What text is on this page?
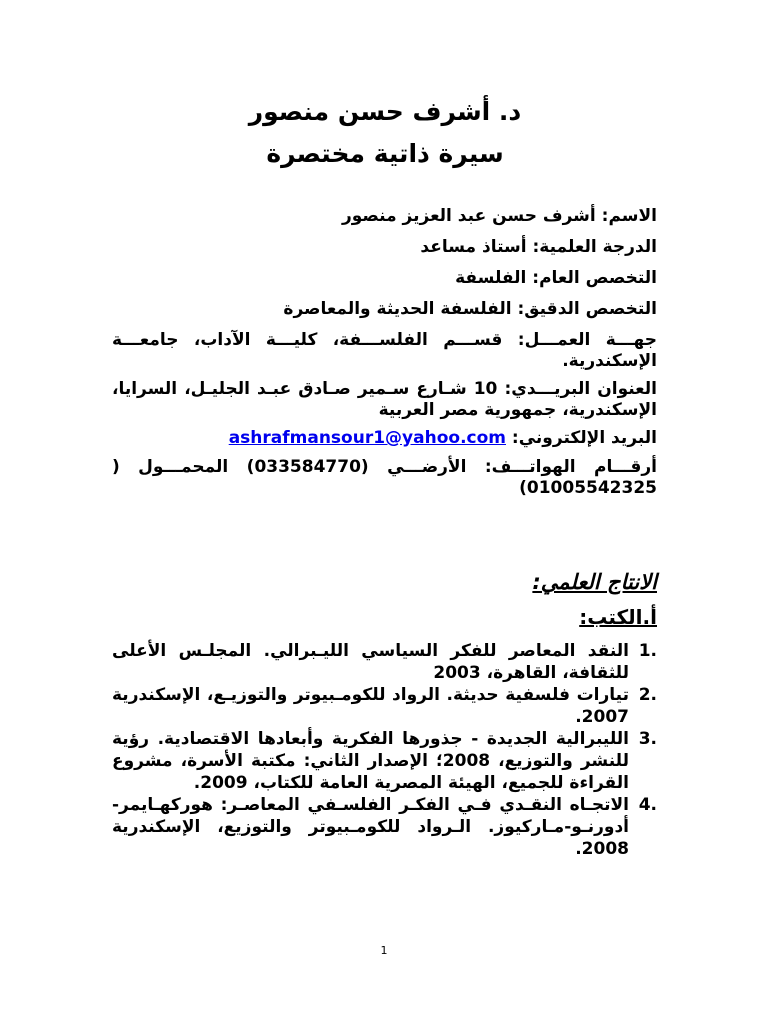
د. أشرف حسن منصور
سيرة ذاتية مختصرة

الاسم: أشرف حسن عبد العزيز منصور

الدرجة العلمية: أستاذ مساعد

التخصص العام: الفلسفة

التخصص الدقيق: الفلسفة الحديثة والمعاصرة

جهـــة العمـــل: قســـم الفلســـفة، كليـــة الآداب، جامعـــة الإسكندرية.

العنوان البريـــدي: 10 شـارع سـمير صـادق عبـد الجليـل، السرايا، الإسكندرية، جمهورية مصر العربية

البريد الإلكتروني: ashrafmansour1@yahoo.com

أرقـــام الهواتـــف: الأرضـــي (033584770) المحمـــول ( 01005542325)

الانتاج العلمي:
أ.الكتب:
1.
النقد المعاصر للفكر السياسي الليـبرالي. المجلـس الأعلى للثقافة، القاهرة، 2003
2.
تيارات فلسفية حديثة. الرواد للكومـبيوتر والتوزيـع، الإسكندرية 2007.
3.
الليبرالية الجديدة - جذورها الفكرية وأبعادها الاقتصادية. رؤية للنشر والتوزيع، 2008؛ الإصدار الثاني: مكتبة الأسرة، مشروع القراءة للجميع، الهيئة المصرية العامة للكتاب، 2009.
4.
الاتجـاه النقـدي فـي الفكـر الفلسـفي المعاصـر: هوركهـايمر-أدورنـو-مـاركيوز. الـرواد للكومـبيوتر والتوزيع، الإسكندرية 2008.
1
